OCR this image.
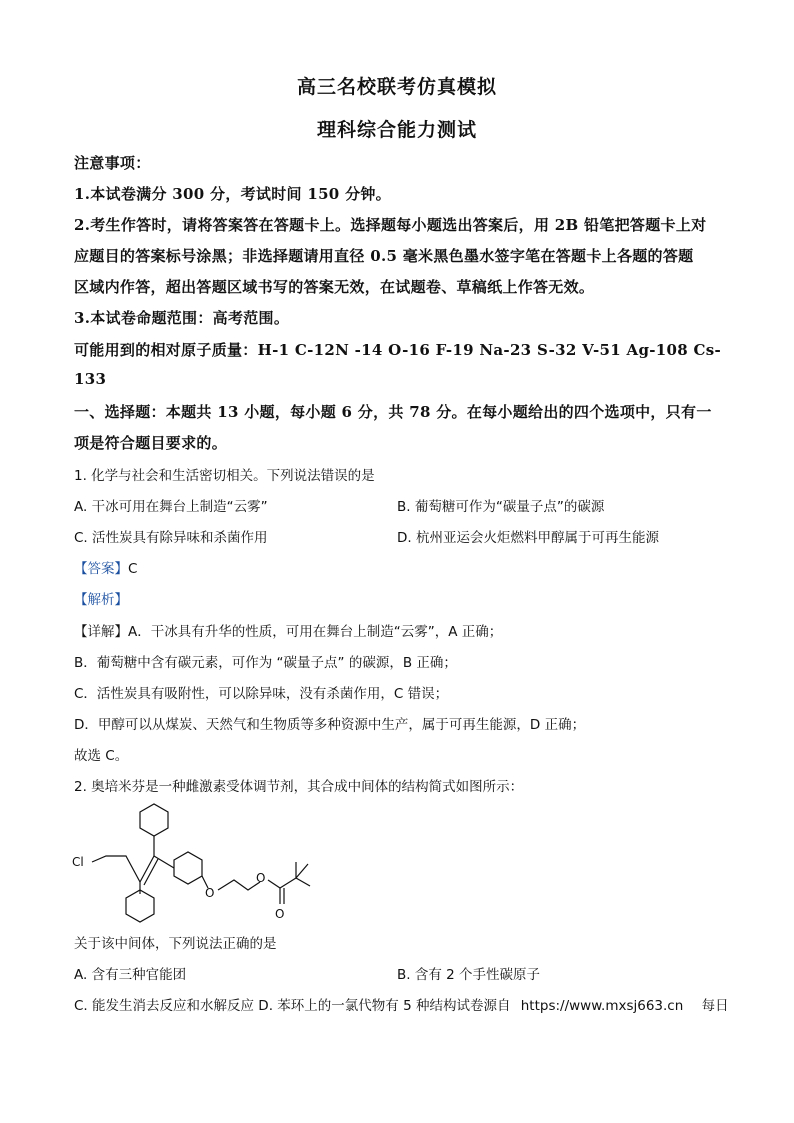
高三名校联考仿真模拟
理科综合能力测试
注意事项：
1.本试卷满分 300 分，考试时间 150 分钟。
2.考生作答时，请将答案答在答题卡上。选择题每小题选出答案后，用 2B 铅笔把答题卡上对
应题目的答案标号涂黑；非选择题请用直径 0.5 毫米黑色墨水签字笔在答题卡上各题的答题
区域内作答，超出答题区域书写的答案无效，在试题卷、草稿纸上作答无效。
3.本试卷命题范围：高考范围。
可能用到的相对原子质量：H-1 C-12N -14 O-16 F-19 Na-23 S-32 V-51 Ag-108 Cs-
133
一、选择题：本题共 13 小题，每小题 6 分，共 78 分。在每小题给出的四个选项中，只有一
项是符合题目要求的。
1. 化学与社会和生活密切相关。下列说法错误的是
A. 干冰可用在舞台上制造“云雾”	B. 葡萄糖可作为“碳量子点”的碳源
C. 活性炭具有除异味和杀菌作用	D. 杭州亚运会火炬燃料甲醇属于可再生能源
【答案】C
【解析】
【详解】A．干冰具有升华的性质，可用在舞台上制造“云雾”，A 正确；
B．葡萄糖中含有碳元素，可作为 “碳量子点” 的碳源，B 正确；
C．活性炭具有吸附性，可以除异味，没有杀菌作用，C 错误；
D．甲醇可以从煤炭、天然气和生物质等多种资源中生产，属于可再生能源，D 正确；
故选 C。
2. 奥培米芬是一种雌激素受体调节剂，其合成中间体的结构简式如图所示：
Cl
O
O
O
关于该中间体，下列说法正确的是
A. 含有三种官能团	B. 含有 2 个手性碳原子
C. 能发生消去反应和水解反应 D. 苯环上的一氯代物有 5 种结构试卷源自 https://www.mxsj663.cn 每日
